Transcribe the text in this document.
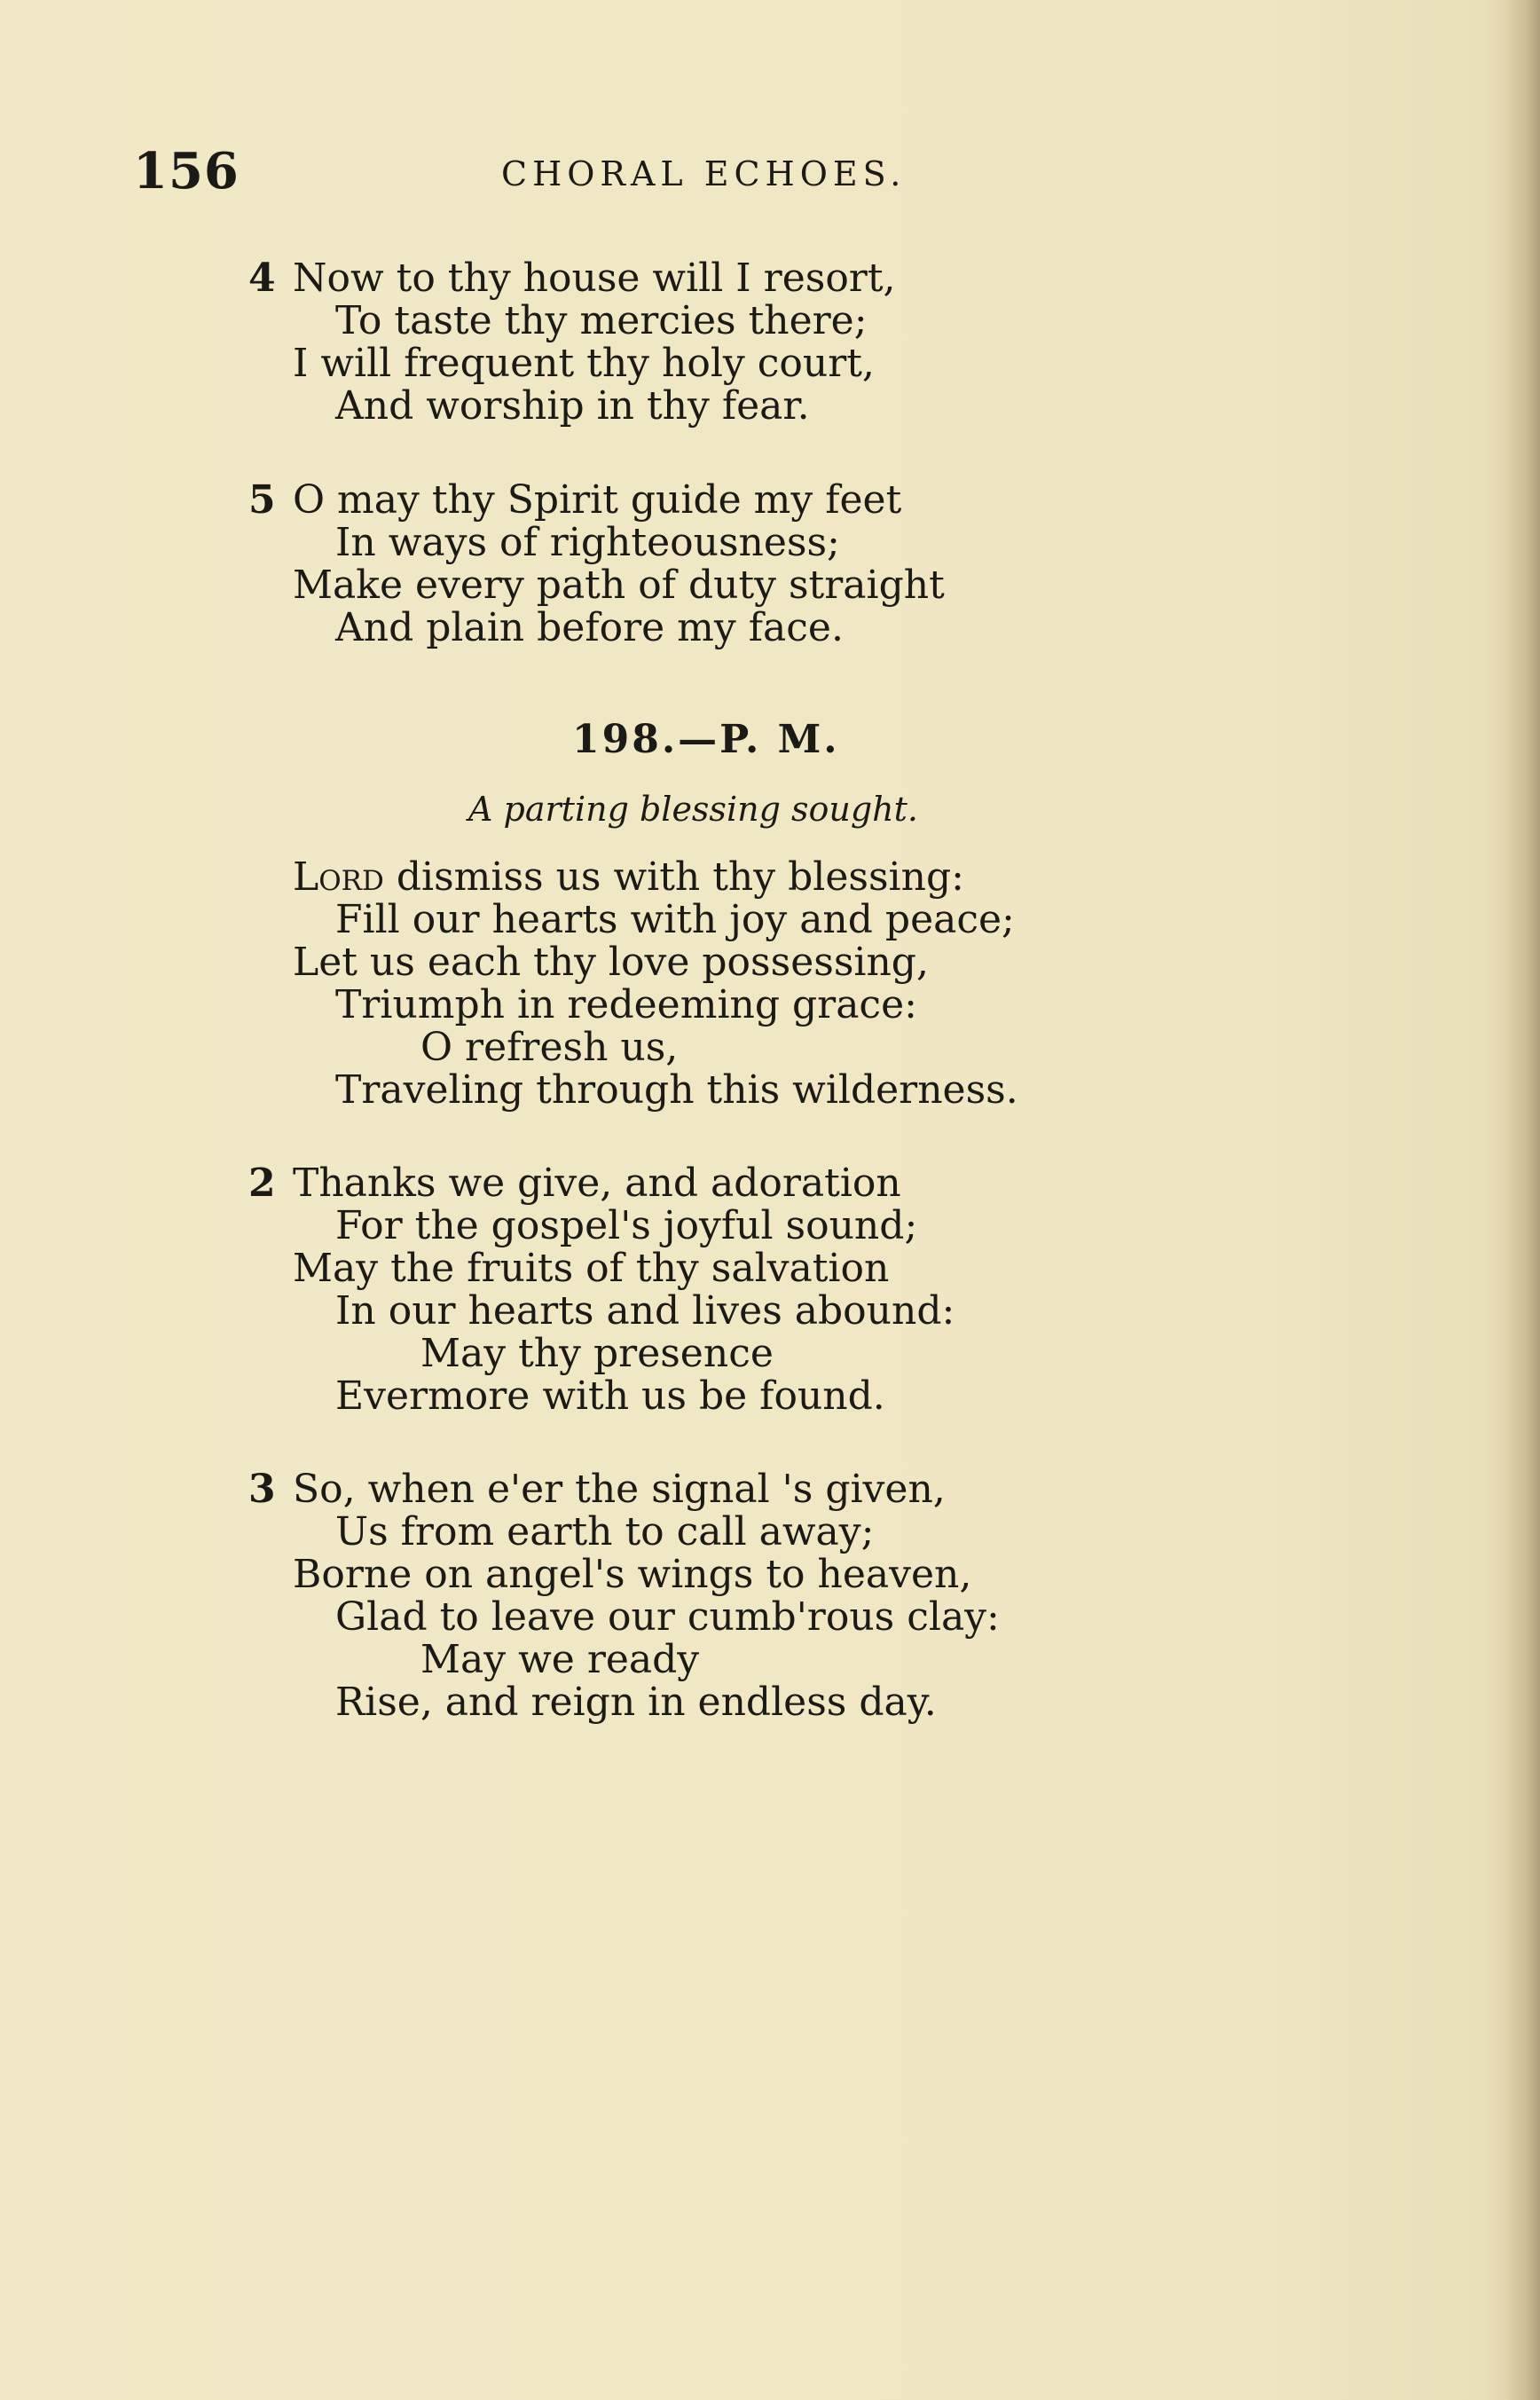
156	CHORAL ECHOES.
4 Now to thy house will I resort,
To taste thy mercies there;
I will frequent thy holy court,
And worship in thy fear.
5 O may thy Spirit guide my feet
In ways of righteousness;
Make every path of duty straight
And plain before my face.
198.—P. M.
A parting blessing sought.
Lord dismiss us with thy blessing:
Fill our hearts with joy and peace;
Let us each thy love possessing,
Triumph in redeeming grace:
O refresh us,
Traveling through this wilderness.
2 Thanks we give, and adoration
For the gospel's joyful sound;
May the fruits of thy salvation
In our hearts and lives abound:
May thy presence
Evermore with us be found.
3 So, when e'er the signal 's given,
Us from earth to call away;
Borne on angel's wings to heaven,
Glad to leave our cumb'rous clay:
May we ready
Rise, and reign in endless day.
